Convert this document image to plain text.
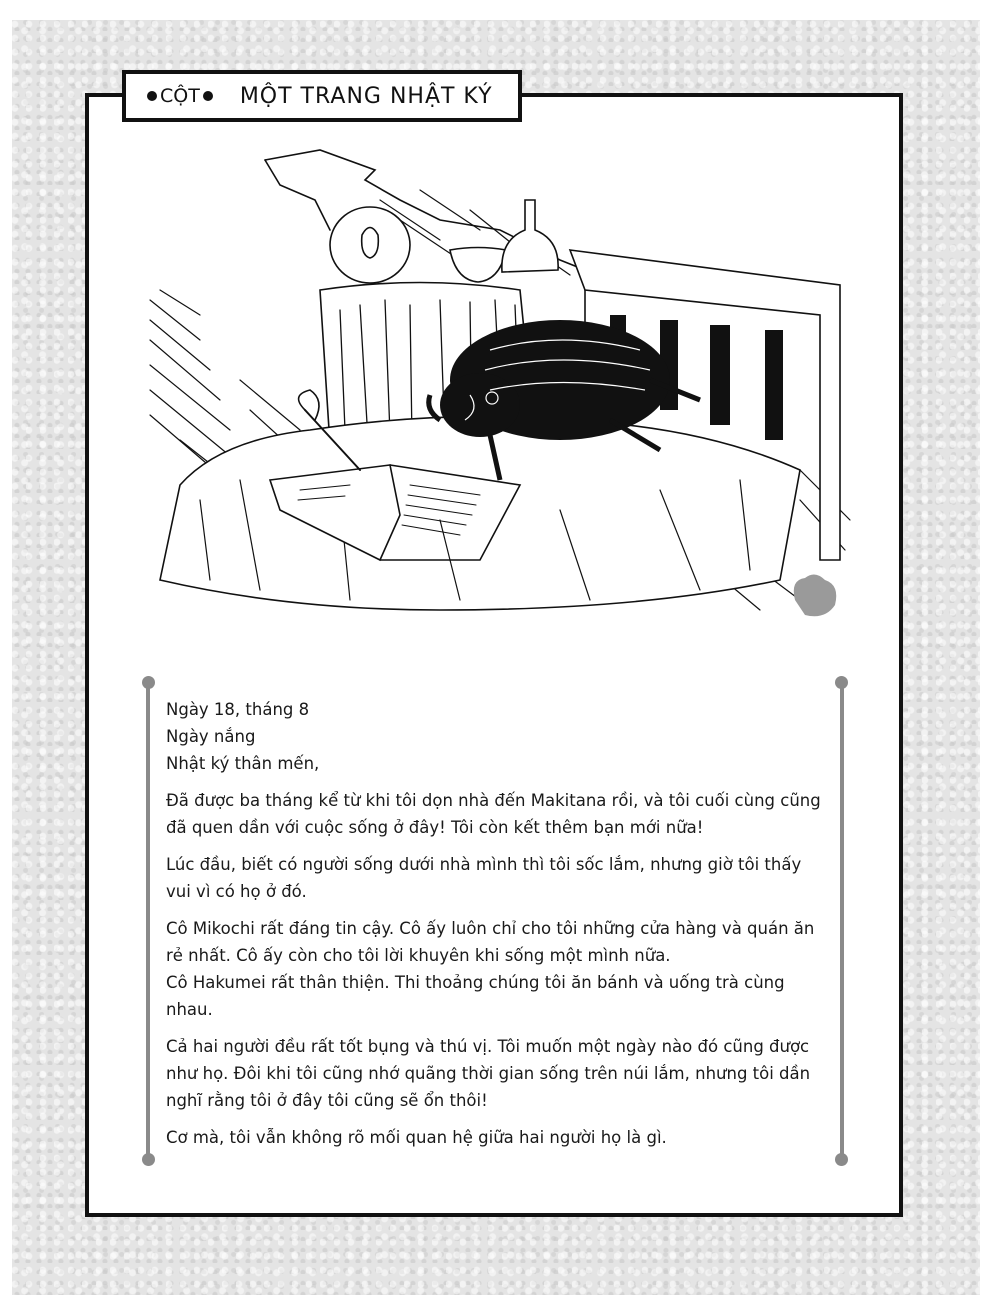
CỘT MỘT TRANG NHẬT KÝ

Ngày 18, tháng 8

Ngày nắng

Nhật ký thân mến,

Đã được ba tháng kể từ khi tôi dọn nhà đến Makitana rồi, và tôi cuối cùng cũng đã quen dần với cuộc sống ở đây! Tôi còn kết thêm bạn mới nữa!

Lúc đầu, biết có người sống dưới nhà mình thì tôi sốc lắm, nhưng giờ tôi thấy vui vì có họ ở đó.

Cô Mikochi rất đáng tin cậy. Cô ấy luôn chỉ cho tôi những cửa hàng và quán ăn rẻ nhất. Cô ấy còn cho tôi lời khuyên khi sống một mình nữa.

Cô Hakumei rất thân thiện. Thi thoảng chúng tôi ăn bánh và uống trà cùng nhau.

Cả hai người đều rất tốt bụng và thú vị. Tôi muốn một ngày nào đó cũng được như họ. Đôi khi tôi cũng nhớ quãng thời gian sống trên núi lắm, nhưng tôi dần nghĩ rằng tôi ở đây tôi cũng sẽ ổn thôi!

Cơ mà, tôi vẫn không rõ mối quan hệ giữa hai người họ là gì.
